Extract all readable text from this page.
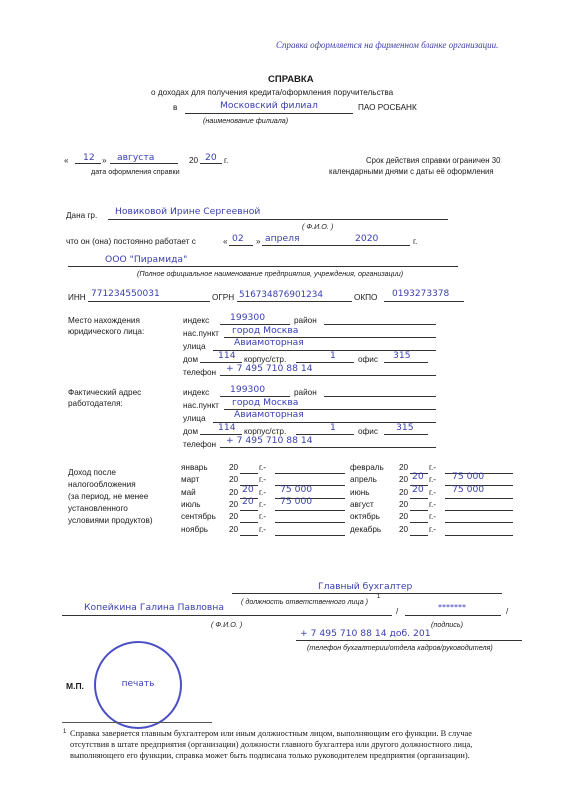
Справка оформляется на фирменном бланке организации.
СПРАВКА
о доходах для получения кредита/оформления поручительства
в	Московский филиал	ПАО РОСБАНК
(наименование филиала)
« 12 » августа	20 20 г.
дата оформления справки
Срок действия справки ограничен 30
календарными днями с даты её оформления
Дана гр. Новиковой Ирине Сергеевной
( Ф.И.О. )
что он (она) постоянно работает с	« 02 » апреля	2020	г.
ООО "Пирамида"
(Полное официальное наименование предприятия, учреждения, организации)
ИНН 771234550031	ОГРН 516734876901234	ОКПО 0193273378
Место нахождения
юридического лица:
индекс 199300	район
нас.пункт город Москва
улица	Авиамоторная
дом 114 корпус/стр.	1	офис 315
телефон + 7 495 710 88 14
Фактический адрес
работодателя:
индекс 199300	район
нас.пункт город Москва
улица	Авиамоторная
дом 114 корпус/стр.	1	офис 315
телефон + 7 495 710 88 14
Доход после
налогообложения
(за период, не менее
установленного
условиями продуктов)
январь	20	г.-
март	20	г.-
май	20 20 г.- 75 000
июль	20 20 г.- 75 000
сентябрь 20	г.-
ноябрь	20	г.-
февраль 20	г.-
апрель	20 20 г.- 75 000
июнь	20 20 г.- 75 000
август	20	г.-
октябрь 20	г.-
декабрь 20	г.-
Главный бухгалтер
( должность ответственного лица ) 1
Копейкина Галина Павловна	/	*******	/
( Ф.И.О. )	(подпись)
+ 7 495 710 88 14 доб. 201
(телефон бухгалтерии/отдела кадров/руководителя)
М.П.	печать
1 Справка заверяется главным бухгалтером или иным должностным лицом, выполняющим его функции. В случае отсутствия в штате предприятия (организации) должности главного бухгалтера или другого должностного лица, выполняющего его функции, справка может быть подписана только руководителем предприятия (организации).
